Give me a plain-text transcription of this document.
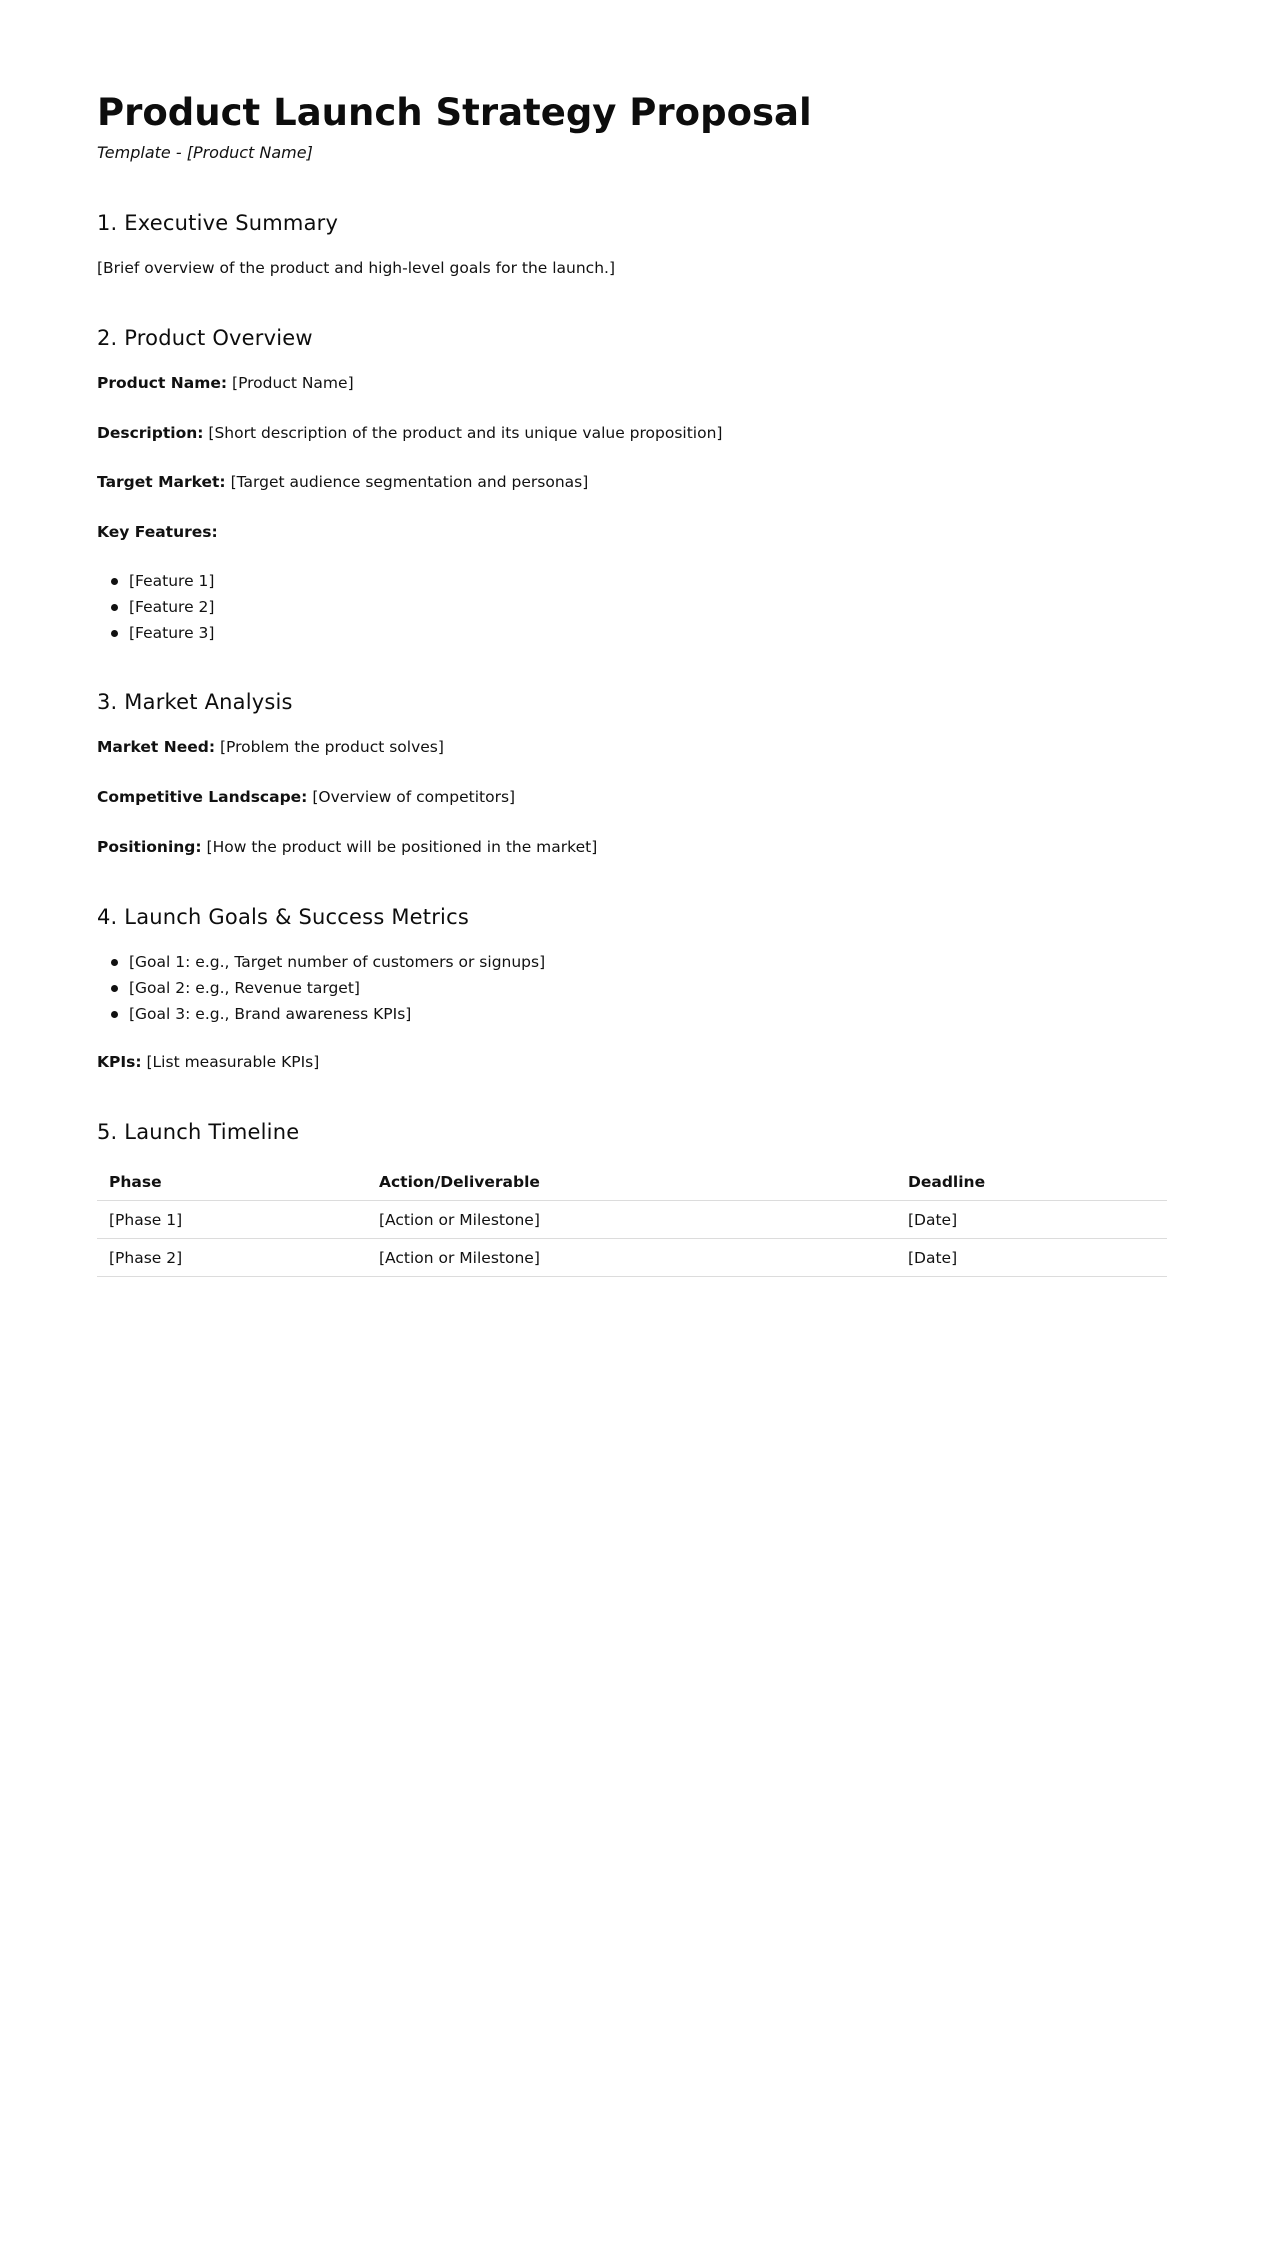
Product Launch Strategy Proposal

Template - [Product Name]

1. Executive Summary

[Brief overview of the product and high-level goals for the launch.]

2. Product Overview

Product Name: [Product Name]

Description: [Short description of the product and its unique value proposition]

Target Market: [Target audience segmentation and personas]

Key Features:

[Feature 1]
[Feature 2]
[Feature 3]
3. Market Analysis

Market Need: [Problem the product solves]

Competitive Landscape: [Overview of competitors]

Positioning: [How the product will be positioned in the market]

4. Launch Goals & Success Metrics
[Goal 1: e.g., Target number of customers or signups]
[Goal 2: e.g., Revenue target]
[Goal 3: e.g., Brand awareness KPIs]

KPIs: [List measurable KPIs]

5. Launch Timeline
Phase	Action/Deliverable	Deadline
[Phase 1]	[Action or Milestone]	[Date]
[Phase 2]	[Action or Milestone]	[Date]
